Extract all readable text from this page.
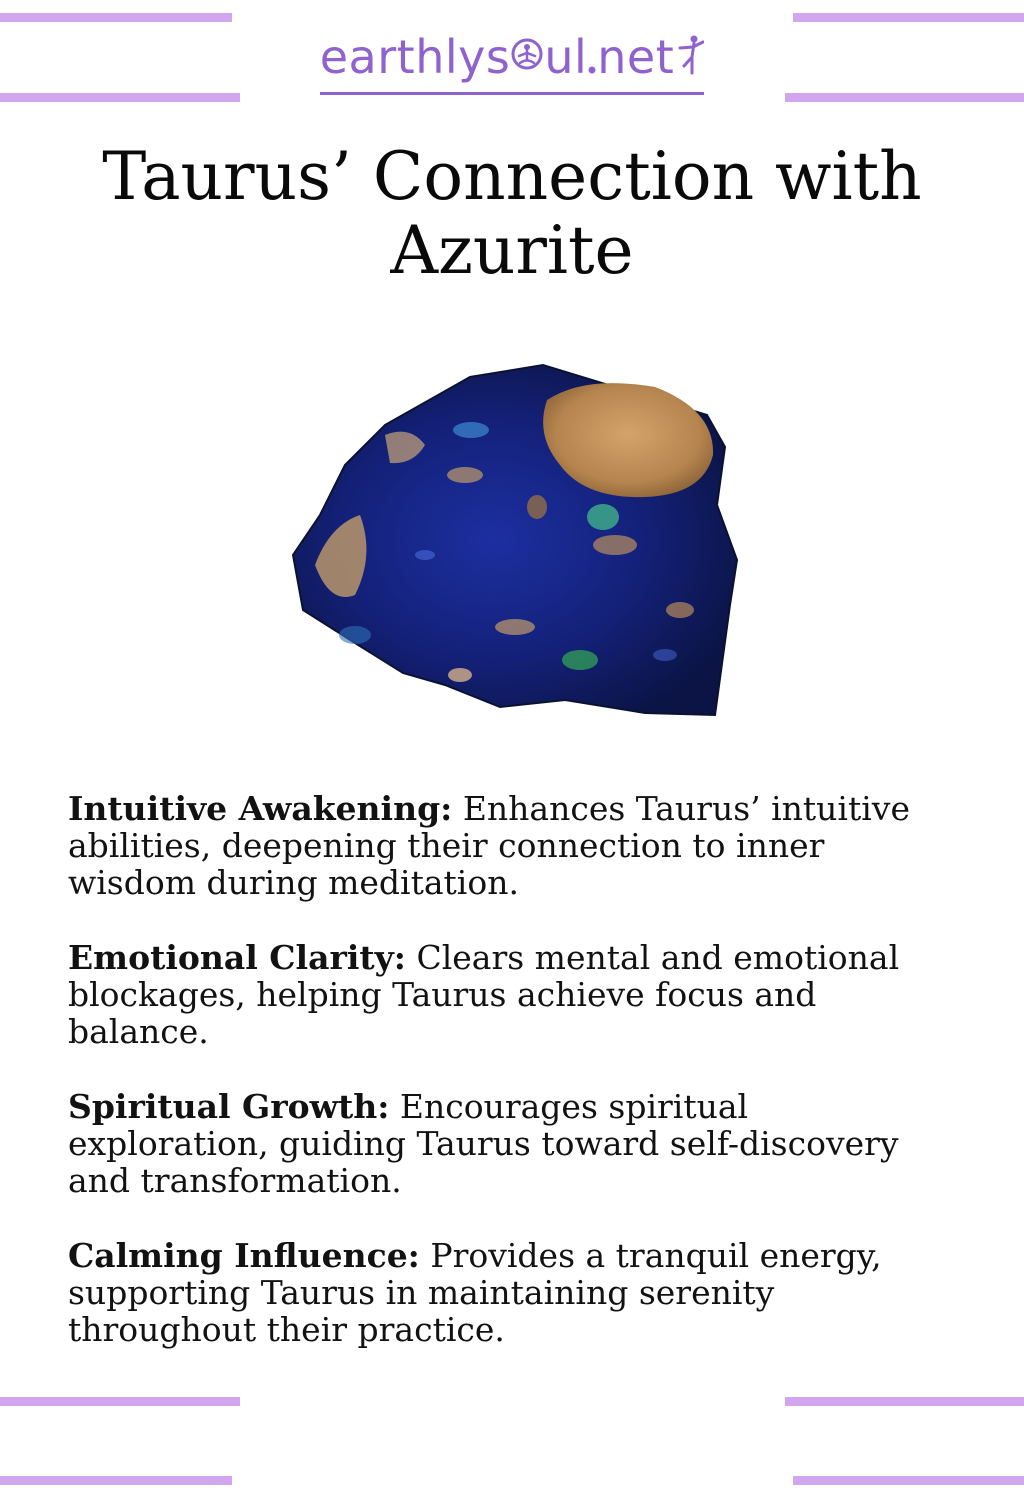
earthlys ul net
Taurus’ Connection with
Azurite

Intuitive Awakening: Enhances Taurus’ intuitive abilities, deepening their connection to inner wisdom during meditation.

Emotional Clarity: Clears mental and emotional blockages, helping Taurus achieve focus and balance.

Spiritual Growth: Encourages spiritual exploration, guiding Taurus toward self-discovery and transformation.

Calming Influence: Provides a tranquil energy, supporting Taurus in maintaining serenity throughout their practice.
